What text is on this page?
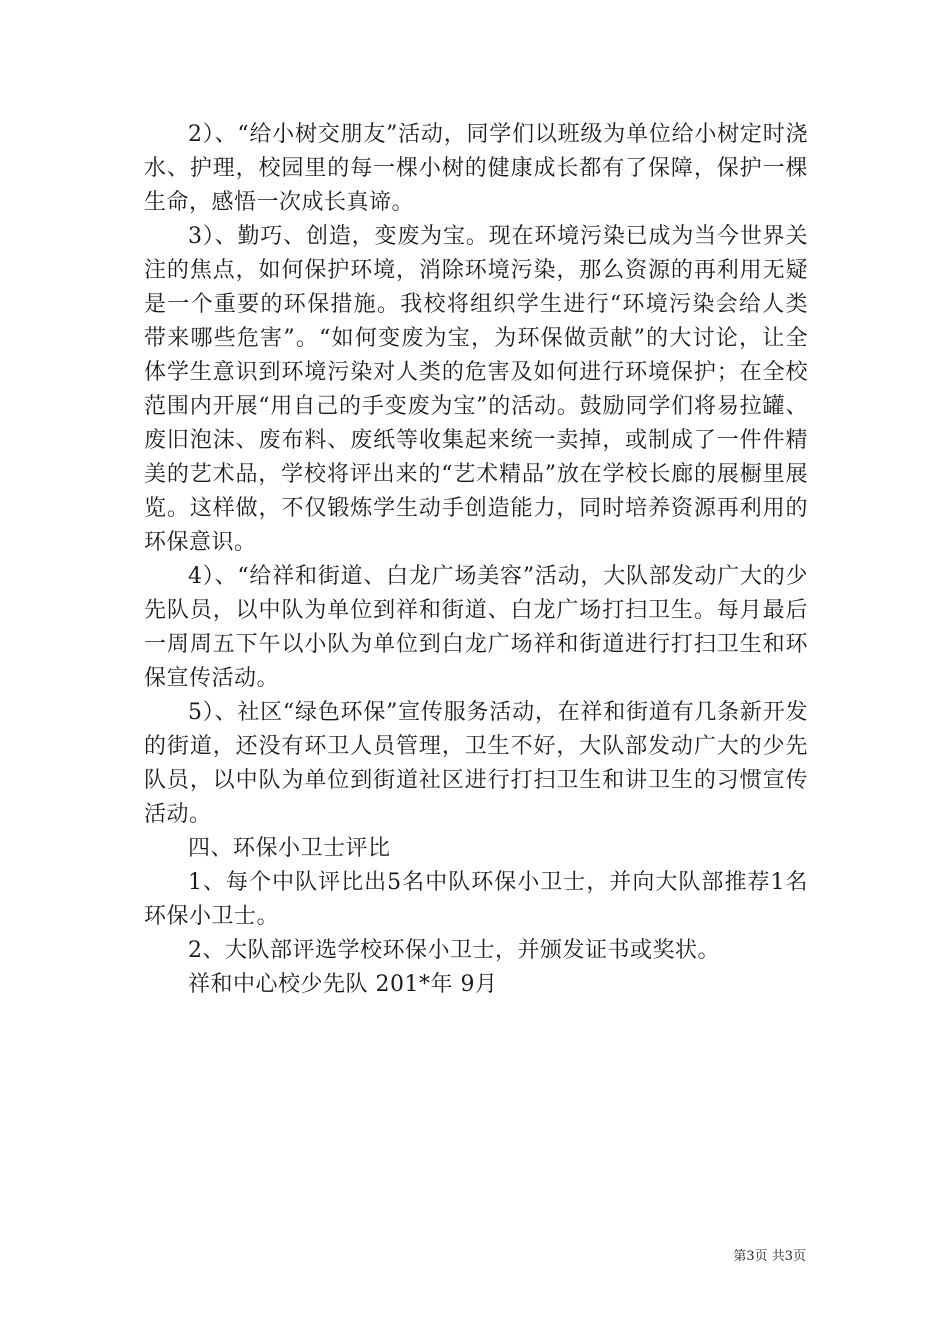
2）、“给小树交朋友”活动，同学们以班级为单位给小树定时浇水、护理，校园里的每一棵小树的健康成长都有了保障，保护一棵生命，感悟一次成长真谛。

3）、勤巧、创造，变废为宝。现在环境污染已成为当今世界关注的焦点，如何保护环境，消除环境污染，那么资源的再利用无疑是一个重要的环保措施。我校将组织学生进行“环境污染会给人类带来哪些危害”。“如何变废为宝，为环保做贡献”的大讨论，让全体学生意识到环境污染对人类的危害及如何进行环境保护；在全校范围内开展“用自己的手变废为宝”的活动。鼓励同学们将易拉罐、废旧泡沫、废布料、废纸等收集起来统一卖掉，或制成了一件件精美的艺术品，学校将评出来的“艺术精品”放在学校长廊的展橱里展览。这样做，不仅锻炼学生动手创造能力，同时培养资源再利用的环保意识。

4）、“给祥和街道、白龙广场美容”活动，大队部发动广大的少先队员，以中队为单位到祥和街道、白龙广场打扫卫生。每月最后一周周五下午以小队为单位到白龙广场祥和街道进行打扫卫生和环保宣传活动。

5）、社区“绿色环保”宣传服务活动，在祥和街道有几条新开发的街道，还没有环卫人员管理，卫生不好，大队部发动广大的少先队员，以中队为单位到街道社区进行打扫卫生和讲卫生的习惯宣传活动。

四、环保小卫士评比

1、每个中队评比出5名中队环保小卫士，并向大队部推荐1名环保小卫士。

2、大队部评选学校环保小卫士，并颁发证书或奖状。

祥和中心校少先队 201*年 9月

第3页 共3页
